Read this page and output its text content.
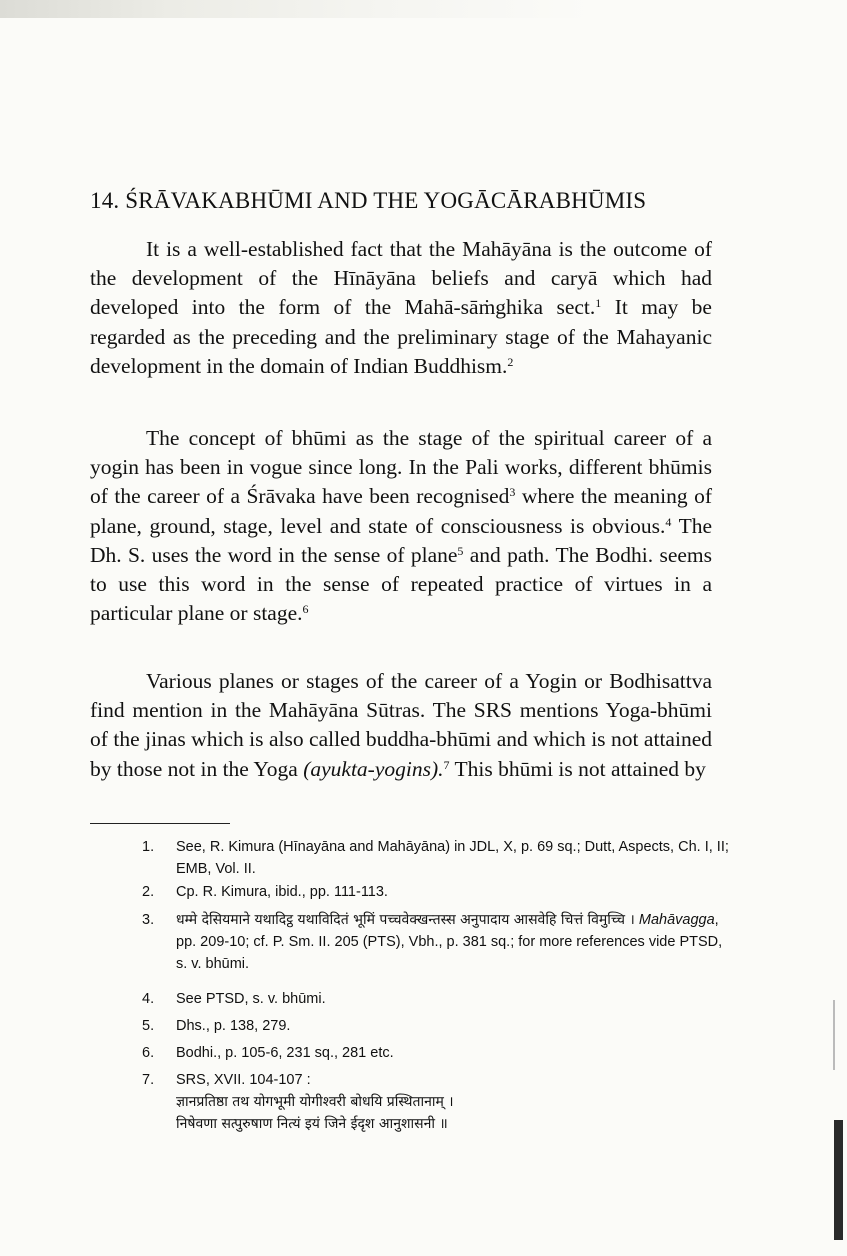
14. ŚRĀVAKABHŪMI AND THE YOGĀCĀRABHŪMIS

It is a well-established fact that the Mahāyāna is the outcome of the development of the Hīnāyāna beliefs and caryā which had developed into the form of the Mahā-sāṁghika sect.$^1$ It may be regarded as the preceding and the preliminary stage of the Mahayanic development in the domain of Indian Buddhism.$^2$

The concept of bhūmi as the stage of the spiritual career of a yogin has been in vogue since long. In the Pali works, different bhūmis of the career of a Śrāvaka have been recognised$^3$ where the meaning of plane, ground, stage, level and state of consciousness is obvious.$^4$ The Dh. S. uses the word in the sense of plane$^5$ and path. The Bodhi. seems to use this word in the sense of repeated practice of virtues in a particular plane or stage.$^6$

Various planes or stages of the career of a Yogin or Bodhisattva find mention in the Mahāyāna Sūtras. The SRS mentions Yoga-bhūmi of the jinas which is also called buddha-bhūmi and which is not attained by those not in the Yoga (ayukta-yogins).$^7$ This bhūmi is not attained by

1.	See, R. Kimura (Hīnayāna and Mahāyāna) in JDL, X, p. 69 sq.; Dutt, Aspects, Ch. I, II; EMB, Vol. II.
2.	Cp. R. Kimura, ibid., pp. 111-113.
3.	धम्मे देसियमाने यथादिट्ठ यथाविदितं भूमिं पच्चवेक्खन्तस्स अनुपादाय आसवेहि चित्तं विमुच्चि । Mahāvagga, pp. 209-10; cf. P. Sm. II. 205 (PTS), Vbh., p. 381 sq.; for more references vide PTSD, s. v. bhūmi.
4.	See PTSD, s. v. bhūmi.
5.	Dhs., p. 138, 279.
6.	Bodhi., p. 105-6, 231 sq., 281 etc.
7.	SRS, XVII. 104-107 :
ज्ञानप्रतिष्ठा तथ योगभूमी योगीश्वरी बोधयि प्रस्थितानाम् ।
निषेवणा सत्पुरुषाण नित्यं इयं जिने ईदृश आनुशासनी ॥
